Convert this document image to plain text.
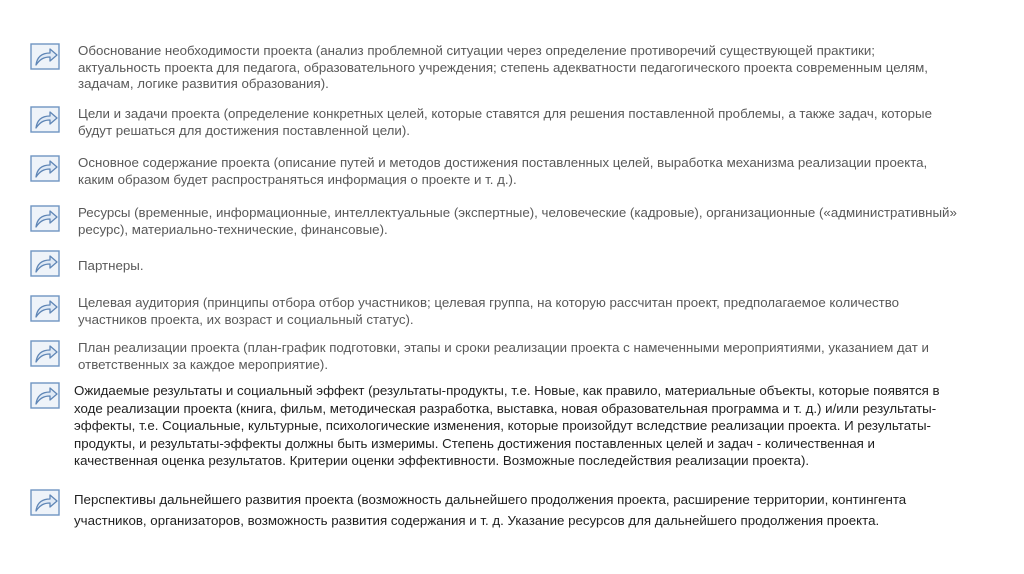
Обоснование необходимости проекта (анализ проблемной ситуации через определение противоречий существующей практики; актуальность проекта для педагога, образовательного учреждения; степень адекватности педагогического проекта современным целям, задачам, логике развития образования).
Цели и задачи проекта (определение конкретных целей, которые ставятся для решения поставленной проблемы, а также задач, которые будут решаться для достижения поставленной цели).
Основное содержание проекта (описание путей и методов достижения поставленных целей, выработка механизма реализации проекта, каким образом будет распространяться информация о проекте и т. д.).
Ресурсы (временные, информационные, интеллектуальные (экспертные), человеческие (кадровые), организационные («административный» ресурс), материально-технические, финансовые).
Партнеры.
Целевая аудитория (принципы отбора отбор участников; целевая группа, на которую рассчитан проект, предполагаемое количество участников проекта, их возраст и социальный статус).
План реализации проекта (план-график подготовки, этапы и сроки реализации проекта с намеченными мероприятиями, указанием дат и ответственных за каждое мероприятие).
Ожидаемые результаты и социальный эффект (результаты-продукты, т.е. Новые, как правило, материальные объекты, которые появятся в ходе реализации проекта (книга, фильм, методическая разработка, выставка, новая образовательная программа и т. д.) и/или результаты-эффекты, т.е. Социальные, культурные, психологические изменения, которые произойдут вследствие реализации проекта. И результаты-продукты, и результаты-эффекты должны быть измеримы. Степень достижения поставленных целей и задач - количественная и качественная оценка результатов. Критерии оценки эффективности. Возможные последействия реализации проекта).
Перспективы дальнейшего развития проекта (возможность дальнейшего продолжения проекта, расширение территории, контингента участников, организаторов, возможность развития содержания и т. д. Указание ресурсов для дальнейшего продолжения проекта.
